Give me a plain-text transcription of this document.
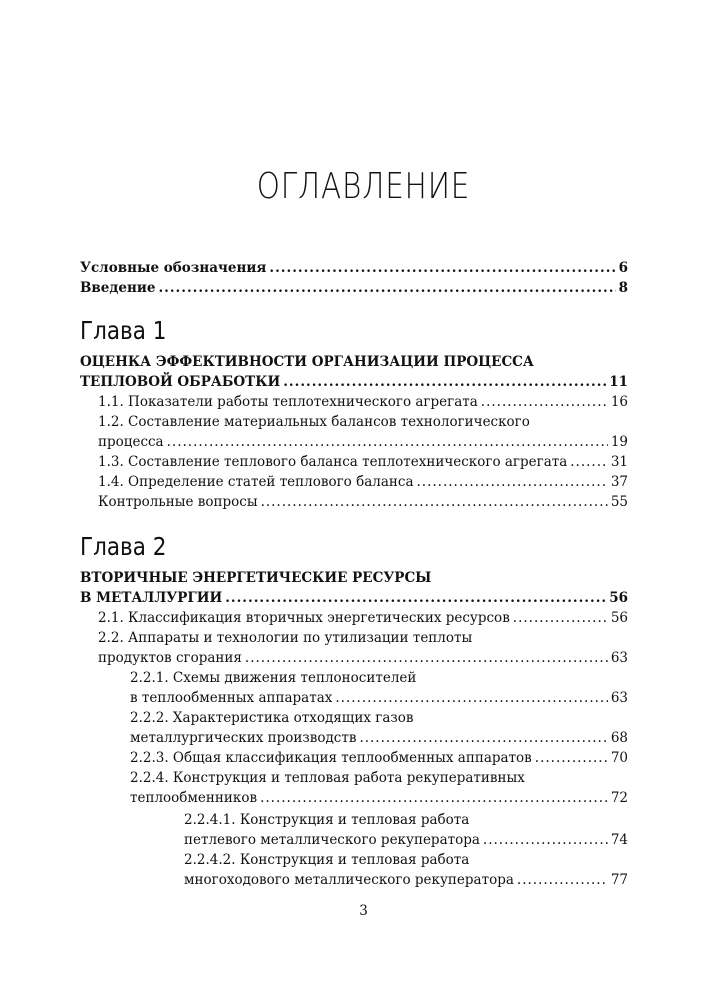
ОГЛАВЛЕНИЕ
Условные обозначения .....	6
Введение .....	8
Глава 1
ОЦЕНКА ЭФФЕКТИВНОСТИ ОРГАНИЗАЦИИ ПРОЦЕССА
ТЕПЛОВОЙ ОБРАБОТКИ .....	11
1.1. Показатели работы теплотехнического агрегата .....	16
1.2. Составление материальных балансов технологического
процесса .....	19
1.3. Составление теплового баланса теплотехнического агрегата .....	31
1.4. Определение статей теплового баланса .....	37
Контрольные вопросы .....	55
Глава 2
ВТОРИЧНЫЕ ЭНЕРГЕТИЧЕСКИЕ РЕСУРСЫ
В МЕТАЛЛУРГИИ .....	56
2.1. Классификация вторичных энергетических ресурсов .....	56
2.2. Аппараты и технологии по утилизации теплоты
продуктов сгорания .....	63
2.2.1. Схемы движения теплоносителей
в теплообменных аппаратах .....	63
2.2.2. Характеристика отходящих газов
металлургических производств .....	68
2.2.3. Общая классификация теплообменных аппаратов .....	70
2.2.4. Конструкция и тепловая работа рекуперативных
теплообменников .....	72
2.2.4.1. Конструкция и тепловая работа
петлевого металлического рекуператора .....	74
2.2.4.2. Конструкция и тепловая работа
многоходового металлического рекуператора .....	77
3
